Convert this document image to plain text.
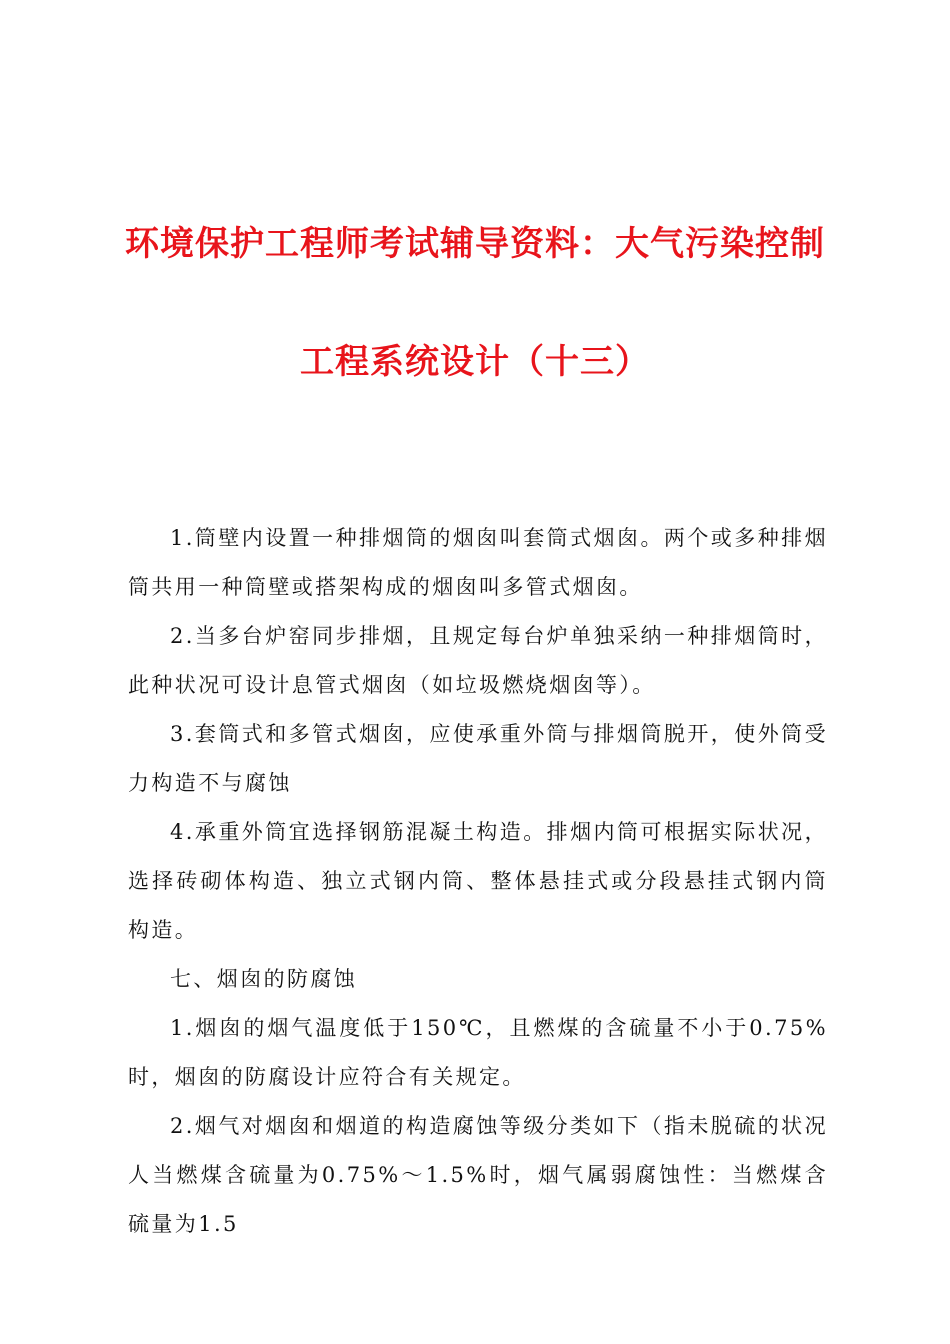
环境保护工程师考试辅导资料：大气污染控制
工程系统设计（十三）

1.筒壁内设置一种排烟筒的烟囱叫套筒式烟囱。两个或多种排烟筒共用一种筒壁或搭架构成的烟囱叫多管式烟囱。

2.当多台炉窑同步排烟，且规定每台炉单独采纳一种排烟筒时，此种状况可设计息管式烟囱（如垃圾燃烧烟囱等）。

3.套筒式和多管式烟囱，应使承重外筒与排烟筒脱开，使外筒受力构造不与腐蚀

4.承重外筒宜选择钢筋混凝土构造。排烟内筒可根据实际状况，选择砖砌体构造、独立式钢内筒、整体悬挂式或分段悬挂式钢内筒构造。

七、烟囱的防腐蚀

1.烟囱的烟气温度低于150℃，且燃煤的含硫量不小于0.75%时，烟囱的防腐设计应符合有关规定。

2.烟气对烟囱和烟道的构造腐蚀等级分类如下（指未脱硫的状况人当燃煤含硫量为0.75%～1.5%时，烟气属弱腐蚀性：当燃煤含硫量为1.5
